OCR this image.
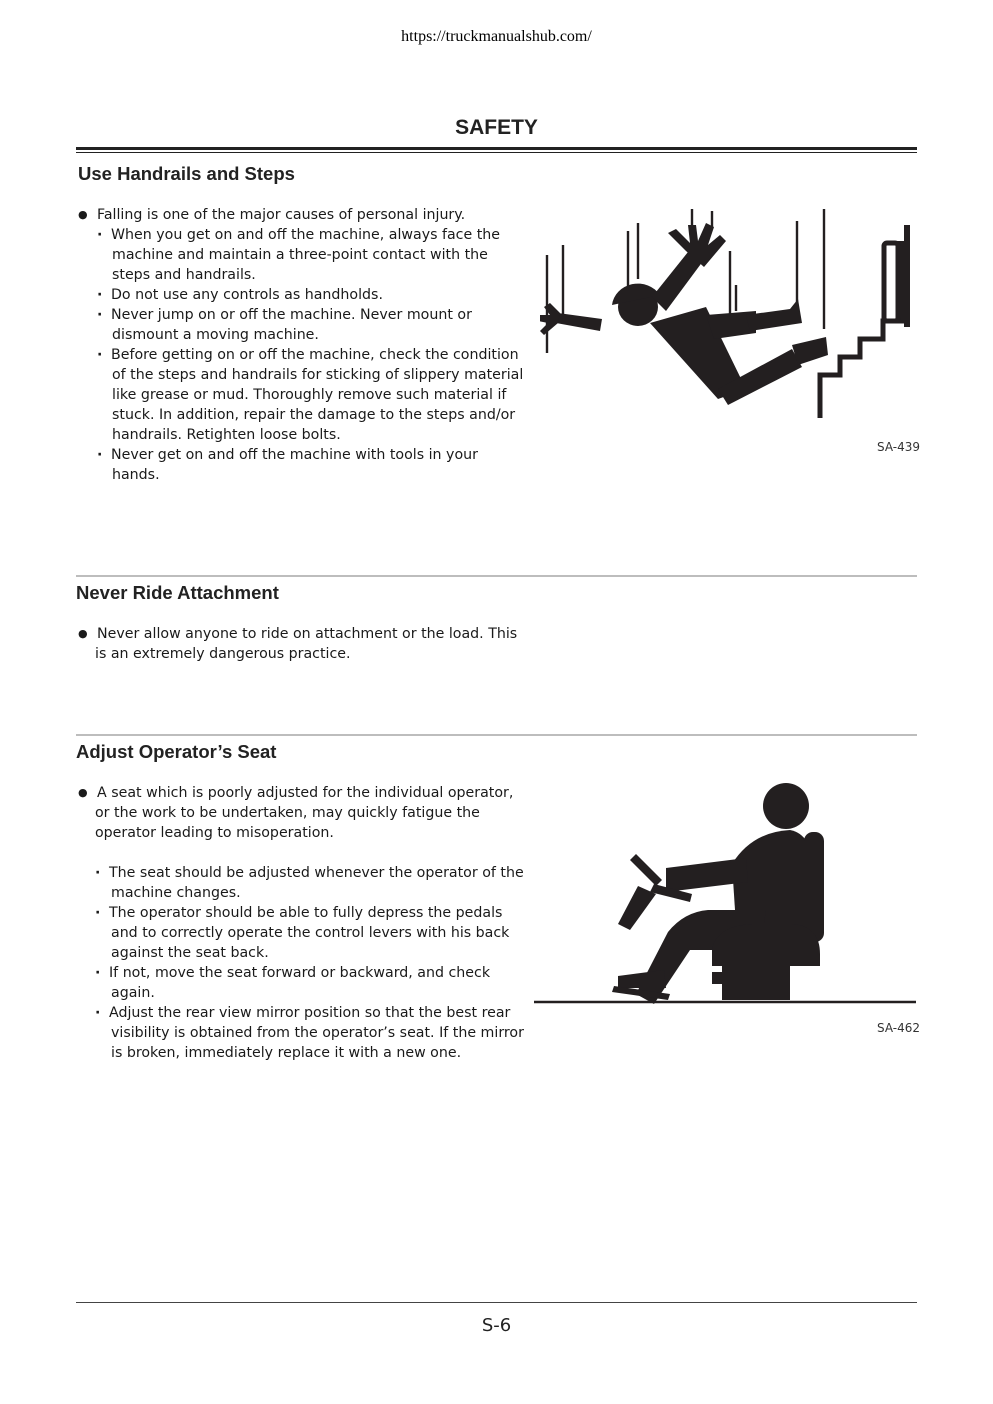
https://truckmanualshub.com/
SAFETY
Use Handrails and Steps
● Falling is one of the major causes of personal injury.
· When you get on and off the machine, always face the
machine and maintain a three-point contact with the
steps and handrails.
· Do not use any controls as handholds.
· Never jump on or off the machine. Never mount or
dismount a moving machine.
· Before getting on or off the machine, check the condition
of the steps and handrails for sticking of slippery material
like grease or mud. Thoroughly remove such material if
stuck. In addition, repair the damage to the steps and/or
handrails. Retighten loose bolts.
· Never get on and off the machine with tools in your
hands.
SA-439
Never Ride Attachment
● Never allow anyone to ride on attachment or the load. This
is an extremely dangerous practice.
Adjust Operator’s Seat
● A seat which is poorly adjusted for the individual operator,
or the work to be undertaken, may quickly fatigue the
operator leading to misoperation.
· The seat should be adjusted whenever the operator of the
machine changes.
· The operator should be able to fully depress the pedals
and to correctly operate the control levers with his back
against the seat back.
· If not, move the seat forward or backward, and check
again.
· Adjust the rear view mirror position so that the best rear
visibility is obtained from the operator’s seat. If the mirror
is broken, immediately replace it with a new one.
SA-462
S-6
